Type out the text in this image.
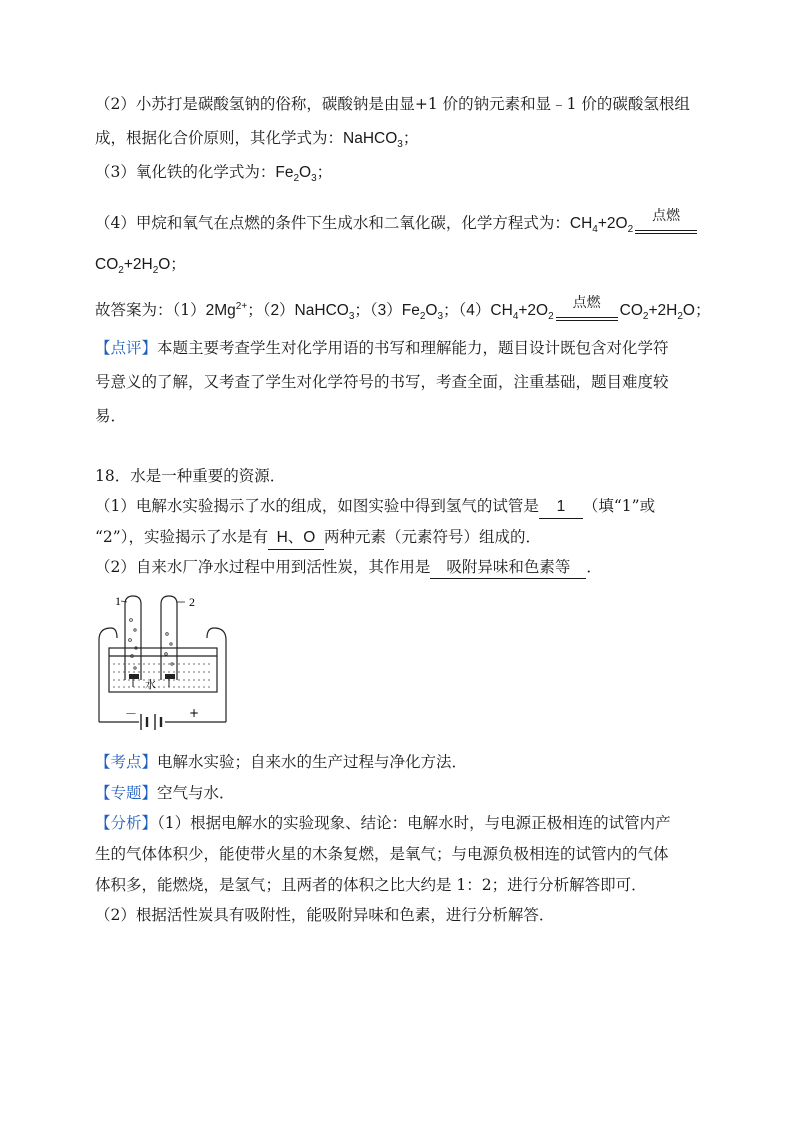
（2）小苏打是碳酸氢钠的俗称，碳酸钠是由显+1 价的钠元素和显﹣1 价的碳酸氢根组
成，根据化合价原则，其化学式为：NaHCO$_3$；
（3）氧化铁的化学式为：$Fe_2O_3$；
（4）甲烷和氧气在点燃的条件下生成水和二氧化碳，化学方程式为：$CH_4+2O_2$
点燃
$CO_2+2H_2O$；
故答案为：$(1)2Mg^{2+}$；（2）NaHCO$_3$；$(3)Fe_2O_3$；$(4)CH_4+2O_2$
点燃	$CO_2+2H_2O$；
【点评】本题主要考查学生对化学用语的书写和理解能力，题目设计既包含对化学符
号意义的了解，又考查了学生对化学符号的书写，考查全面，注重基础，题目难度较
易．
18．水是一种重要的资源．
（1）电解水实验揭示了水的组成，如图实验中得到氢气的试管是 1 （填“1”或
“2”），实验揭示了水是有 H、O 两种元素（元素符号）组成的．
（2）自来水厂净水过程中用到活性炭，其作用是 吸附异味和色素等 ．
1	2
水
－	+
【考点】电解水实验；自来水的生产过程与净化方法．
【专题】空气与水．
【分析】（1）根据电解水的实验现象、结论：电解水时，与电源正极相连的试管内产
生的气体体积少，能使带火星的木条复燃，是氧气；与电源负极相连的试管内的气体
体积多，能燃烧，是氢气；且两者的体积之比大约是 1：2；进行分析解答即可．
（2）根据活性炭具有吸附性，能吸附异味和色素，进行分析解答．
